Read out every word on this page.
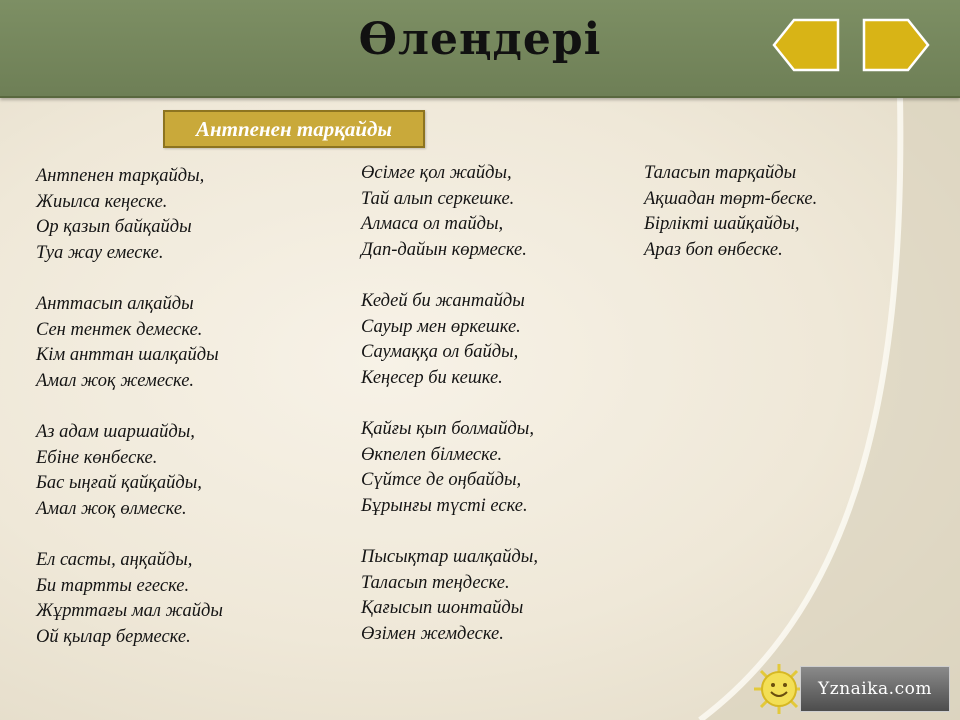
Өлеңдері
Антпенен тарқайды
Антпенен тарқайды,
Жиылса кеңеске.
Ор қазып байқайды
Туа жау емеске.
Анттасып алқайды
Сен тентек демеске.
Кім анттан шалқайды
Амал жоқ жемеске.
Аз адам шаршайды,
Ебіне көнбеске.
Бас ыңғай қайқайды,
Амал жоқ өлмеске.
Ел састы, аңқайды,
Би тартты егеске.
Жұрттағы мал жайды
Ой қылар бермеске.
Өсімге қол жайды,
Тай алып серкешке.
Алмаса ол тайды,
Дап-дайын көрмеске.
Кедей би жантайды
Сауыр мен өркешке.
Саумаққа ол байды,
Кеңесер би кешке.
Қайғы қып болмайды,
Өкпелеп білмеске.
Сүйтсе де оңбайды,
Бұрынғы түсті еске.
Пысықтар шалқайды,
Таласып теңдеске.
Қағысып шонтайды
Өзімен жемдеске.
Таласып тарқайды
Ақшадан төрт-беске.
Бірлікті шайқайды,
Араз боп өнбеске.
Yznaika.com
